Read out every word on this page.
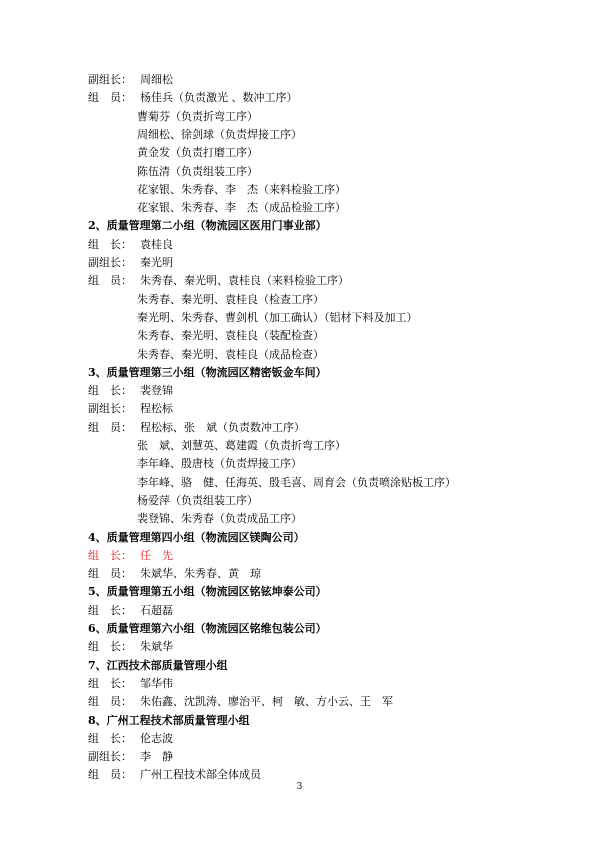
副组长： 周细松
组　员： 杨佳兵（负责激光 、数冲工序）
曹菊芬（负责折弯工序）
周细松、徐剑球（负责焊接工序）
黄金发（负责打磨工序）
陈伍清（负责组装工序）
花家银、朱秀春、李　杰（来料检验工序）
花家银、朱秀春、李　杰（成品检验工序）
2、质量管理第二小组（物流园区医用门事业部）
组　长： 袁桂良
副组长： 秦光明
组　员： 朱秀春、秦光明、袁桂良（来料检验工序）
朱秀春、秦光明、袁桂良（检查工序）
秦光明、朱秀春、曹剑机（加工确认）（铝材下料及加工）
朱秀春、秦光明、袁桂良（装配检查）
朱秀春、秦光明、袁桂良（成品检查）
3、质量管理第三小组（物流园区精密钣金车间）
组　长： 裴登锦
副组长： 程松标
组　员： 程松标、张　斌（负责数冲工序）
张　斌、刘慧英、葛建霞（负责折弯工序）
李年峰、殷唐枝（负责焊接工序）
李年峰、骆　健、任海英、殷毛喜、周育会（负责喷涂贴板工序）
杨爱萍（负责组装工序）
裴登锦、朱秀春（负责成品工序）
4、质量管理第四小组（物流园区镁陶公司）
组　长： 任　先
组　员： 朱斌华、朱秀春、黄　琼
5、质量管理第五小组（物流园区铭铉坤泰公司）
组　长： 石超磊
6、质量管理第六小组（物流园区铭维包装公司）
组　长： 朱斌华
7、江西技术部质量管理小组
组　长： 邹华伟
组　员： 朱佑鑫、沈凯涛、廖治平、柯　敏、方小云、王　军
8、广州工程技术部质量管理小组
组　长： 伦志波
副组长： 李　静
组　员： 广州工程技术部全体成员
3
